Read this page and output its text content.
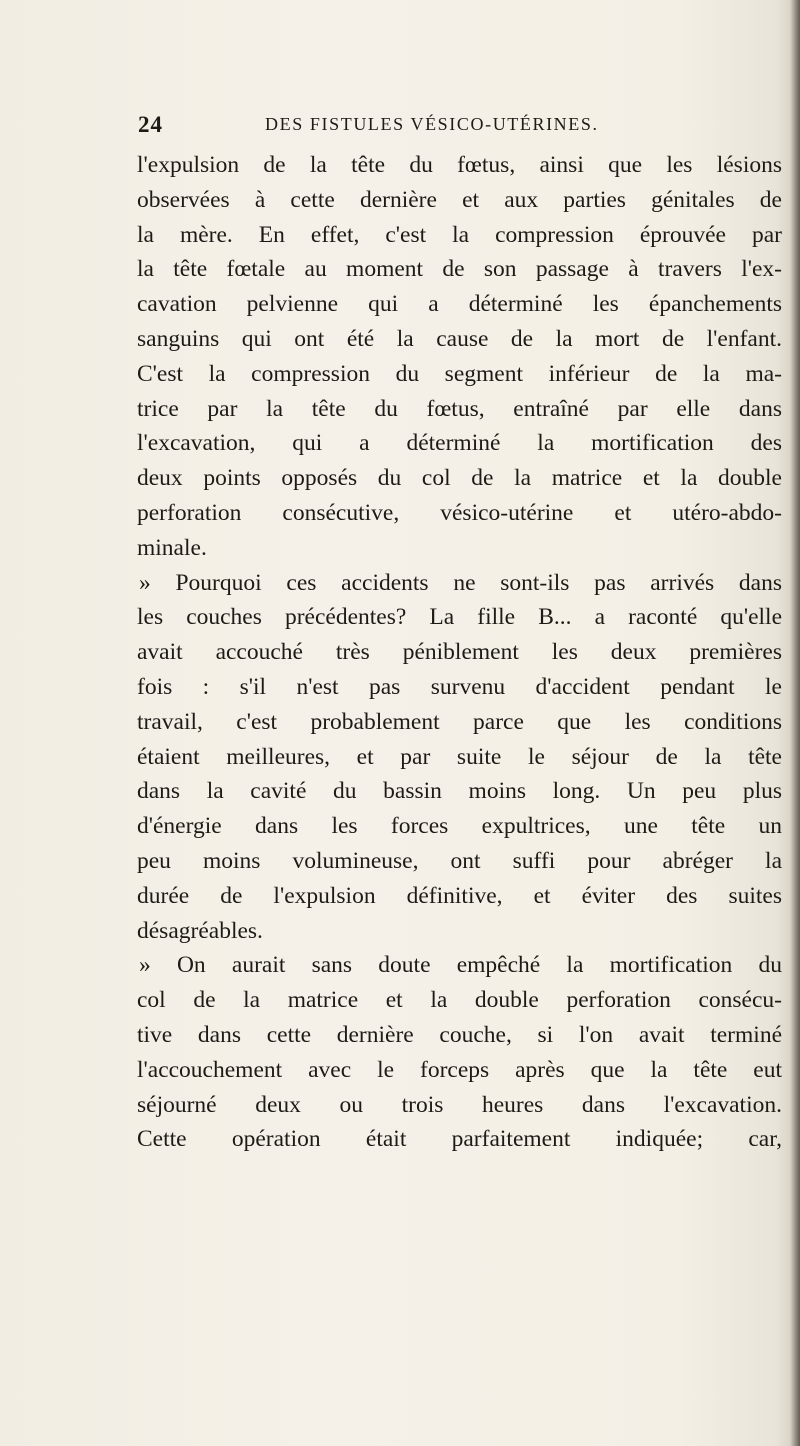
24	DES FISTULES VÉSICO-UTÉRINES.
l'expulsion de la tête du fœtus, ainsi que les lésions
observées à cette dernière et aux parties génitales de
la mère. En effet, c'est la compression éprouvée par
la tête fœtale au moment de son passage à travers l'ex-
cavation pelvienne qui a déterminé les épanchements
sanguins qui ont été la cause de la mort de l'enfant.
C'est la compression du segment inférieur de la ma-
trice par la tête du fœtus, entraîné par elle dans
l'excavation, qui a déterminé la mortification des
deux points opposés du col de la matrice et la double
perforation consécutive, vésico-utérine et utéro-abdo-
minale.
» Pourquoi ces accidents ne sont-ils pas arrivés dans
les couches précédentes? La fille B... a raconté qu'elle
avait accouché très péniblement les deux premières
fois : s'il n'est pas survenu d'accident pendant le
travail, c'est probablement parce que les conditions
étaient meilleures, et par suite le séjour de la tête
dans la cavité du bassin moins long. Un peu plus
d'énergie dans les forces expultrices, une tête un
peu moins volumineuse, ont suffi pour abréger la
durée de l'expulsion définitive, et éviter des suites
désagréables.
» On aurait sans doute empêché la mortification du
col de la matrice et la double perforation consécu-
tive dans cette dernière couche, si l'on avait terminé
l'accouchement avec le forceps après que la tête eut
séjourné deux ou trois heures dans l'excavation.
Cette opération était parfaitement indiquée; car,
